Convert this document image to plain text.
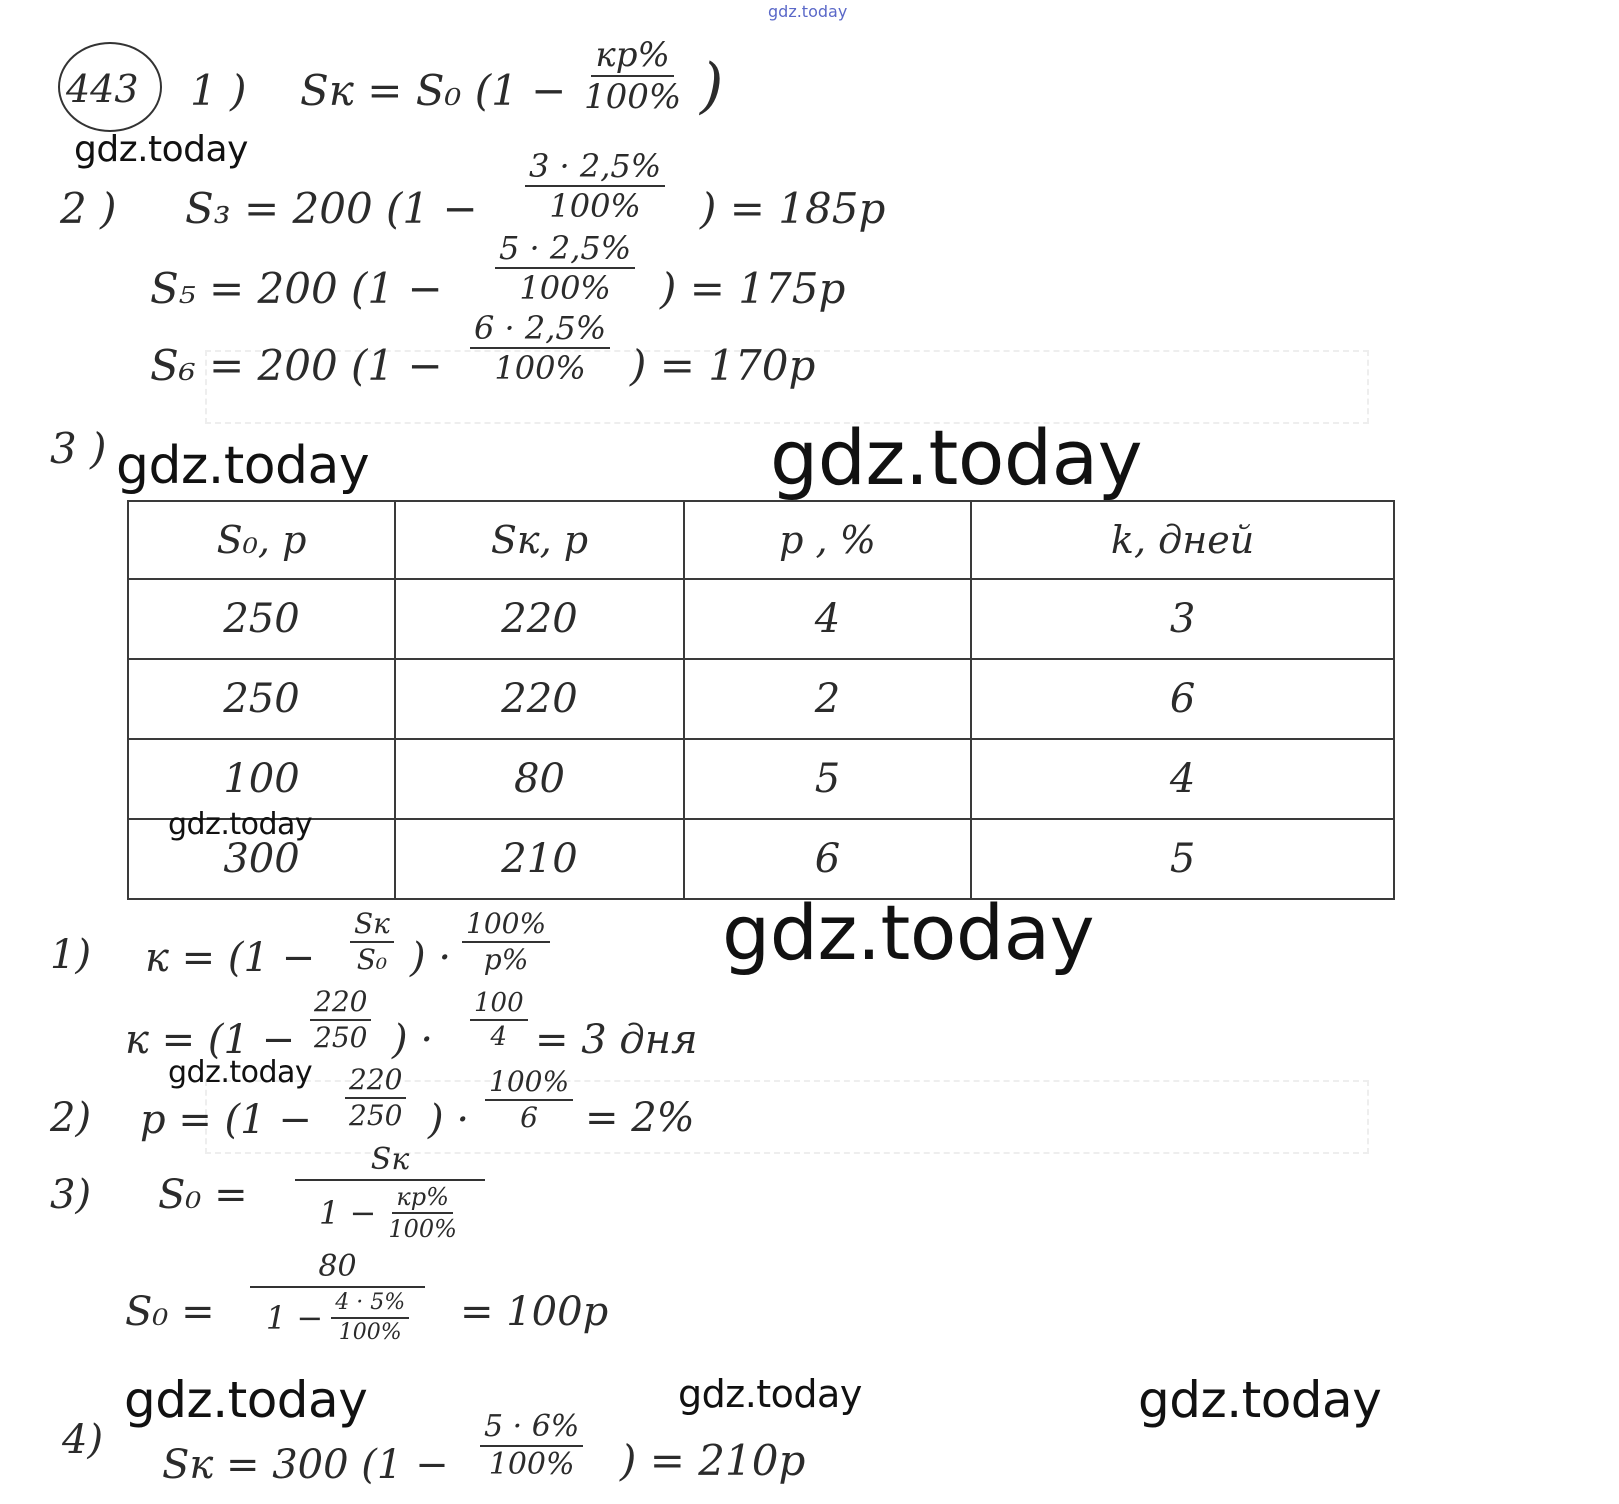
gdz.today
443 1 ) Sк = S₀ (1 −
кp%
100% )
gdz.today
2 ) S₃ = 200 ($1 - \frac{3 \cdot 2,5\%}{100\%}$ ) = 185р
S₅ = 200 ($1 - \frac{5 \cdot 2,5\%}{100\%}$ ) = 175р
S₆ = 200 ($1 - \frac{6 \cdot 2,5\%}{100\%}$ ) = 170р
3 ) gdz.today	gdz.today
S₀, р	Sк, р	p , %	k, дней
250	220	4	3
250	220	2	6
100	80	5	4
300	210	6	5
gdz.today
1) к = (1 −
Sк
S₀ ) · $\frac{100\%}{p\%}$ gdz.today
$к = (1 - \frac{220}{250}$ ) · $\frac{100}{4} = 3$ дня
gdz.today
2) $p = (1 - \frac{220}{250}$ ) · $\frac{100\%}{6} = 2\%$
3) S₀ =
Sк
$1 - \frac{кp\%}{100\%}$
S₀ =
80
$1 - \frac{4 \cdot 5\%}{100\%} = 100р$
gdz.today	gdz.today	gdz.today
4)
Sк = 300 ($1 - \frac{5 \cdot 6\%}{100\%}$ ) = 210р
